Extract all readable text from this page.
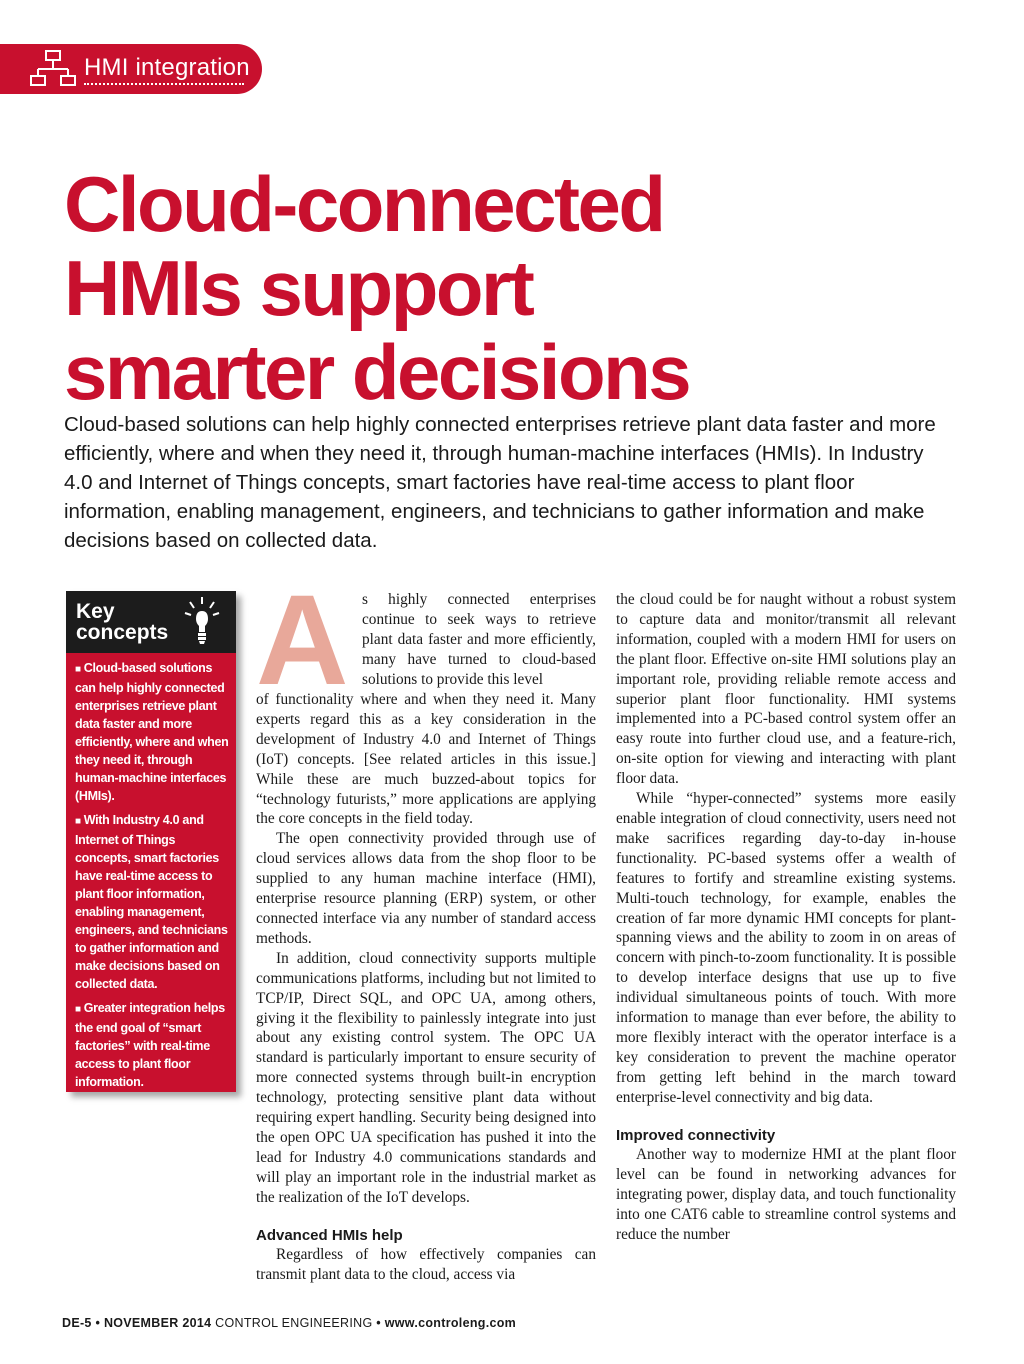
HMI integration
Cloud-connected
HMIs support
smarter decisions

Cloud-based solutions can help highly connected enterprises retrieve plant data faster and more efficiently, where and when they need it, through human-machine interfaces (HMIs). In Industry 4.0 and Internet of Things concepts, smart factories have real-time access to plant floor information, enabling management, engineers, and technicians to gather information and make decisions based on collected data.

Key
concepts

■ Cloud-based solutions can help highly connected enterprises retrieve plant data faster and more efficiently, where and when they need it, through human-machine interfaces (HMIs).

■ With Industry 4.0 and Internet of Things concepts, smart factories have real-time access to plant floor information, enabling management, engineers, and technicians to gather information and make decisions based on collected data.

■ Greater integration helps the end goal of “smart factories” with real-time access to plant floor information.

A s highly connected enterprises continue to seek ways to retrieve plant data faster and more efficiently, many have turned to cloud-based solutions to provide this level

of functionality where and when they need it. Many experts regard this as a key consideration in the development of Industry 4.0 and Internet of Things (IoT) concepts. [See related articles in this issue.] While these are much buzzed-about topics for “technology futurists,” more applications are applying the core concepts in the field today.

The open connectivity provided through use of cloud services allows data from the shop floor to be supplied to any human machine interface (HMI), enterprise resource planning (ERP) system, or other connected interface via any number of standard access methods.

In addition, cloud connectivity supports multiple communications platforms, including but not limited to TCP/IP, Direct SQL, and OPC UA, among others, giving it the flexibility to painlessly integrate into just about any existing control system. The OPC UA standard is particularly important to ensure security of more connected systems through built-in encryption technology, protecting sensitive plant data without requiring expert handling. Security being designed into the open OPC UA specification has pushed it into the lead for Industry 4.0 communications standards and will play an important role in the industrial market as the realization of the IoT develops.

Advanced HMIs help

Regardless of how effectively companies can transmit plant data to the cloud, access via

the cloud could be for naught without a robust system to capture data and monitor/transmit all relevant information, coupled with a modern HMI for users on the plant floor. Effective on-site HMI solutions play an important role, providing reliable remote access and superior plant floor functionality. HMI systems implemented into a PC-based control system offer an easy route into further cloud use, and a feature-rich, on-site option for viewing and interacting with plant floor data.

While “hyper-connected” systems more easily enable integration of cloud connectivity, users need not make sacrifices regarding day-to-day in-house functionality. PC-based systems offer a wealth of features to fortify and streamline existing systems. Multi-touch technology, for example, enables the creation of far more dynamic HMI concepts for plant-spanning views and the ability to zoom in on areas of concern with pinch-to-zoom functionality. It is possible to develop interface designs that use up to five individual simultaneous points of touch. With more information to manage than ever before, the ability to more flexibly interact with the operator interface is a key consideration to prevent the machine operator from getting left behind in the march toward enterprise-level connectivity and big data.

Improved connectivity

Another way to modernize HMI at the plant floor level can be found in networking advances for integrating power, display data, and touch functionality into one CAT6 cable to streamline control systems and reduce the number

DE-5 • NOVEMBER 2014 CONTROL ENGINEERING • www.controleng.com
